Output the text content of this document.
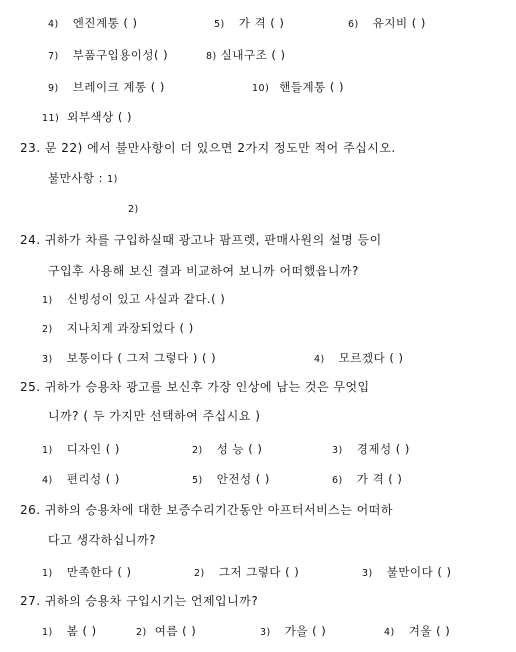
4) 엔진계통 ( )	5) 가 격 ( )	6) 유지비 ( )
7) 부품구입용이성( )	8) 실내구조 ( )
9) 브레이크 계통 ( )	10) 핸들계통 ( )
11) 외부색상 ( )
23. 문 22) 에서 불만사항이 더 있으면 2가지 정도만 적어 주십시오.
불만사항 : 1)
2)
24. 귀하가 차를 구입하실때 광고나 팜프렛, 판매사원의 설명 등이
구입후 사용해 보신 결과 비교하여 보니까 어떠했읍니까?
1) 신빙성이 있고 사실과 같다.( )
2) 지나치게 과장되었다 ( )
3) 보통이다 ( 그저 그렇다 ) ( )	4) 모르겠다 ( )
25. 귀하가 승용차 광고를 보신후 가장 인상에 남는 것은 무엇입
니까? ( 두 가지만 선택하여 주십시요 )
1) 디자인 ( )	2) 성 능 ( )	3) 경제성 ( )
4) 편리성 ( )	5) 안전성 ( )	6) 가 격 ( )
26. 귀하의 승용차에 대한 보증수리기간동안 아프터서비스는 어떠하
다고 생각하십니까?
1) 만족한다 ( )	2) 그저 그렇다 ( )	3) 불만이다 ( )
27. 귀하의 승용차 구입시기는 언제입니까?
1) 봄 ( )	2) 여름 ( )	3) 가을 ( )	4) 겨울 ( )
